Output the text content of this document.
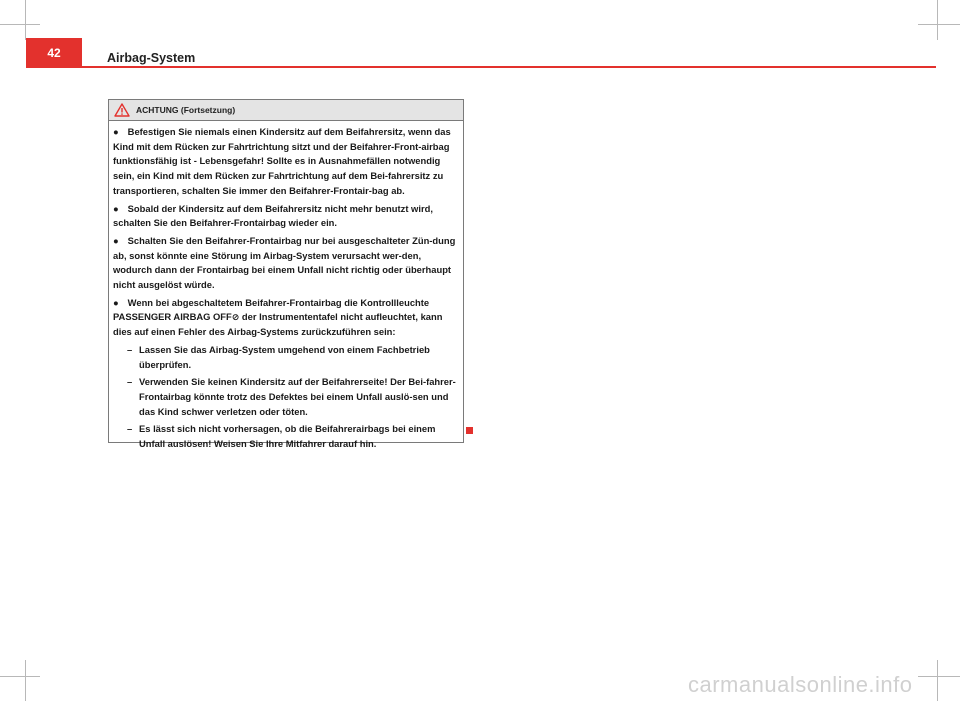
42	Airbag-System
ACHTUNG (Fortsetzung)

● Befestigen Sie niemals einen Kindersitz auf dem Beifahrersitz, wenn das Kind mit dem Rücken zur Fahrtrichtung sitzt und der Beifahrer-Front-airbag funktionsfähig ist - Lebensgefahr! Sollte es in Ausnahmefällen notwendig sein, ein Kind mit dem Rücken zur Fahrtrichtung auf dem Bei-fahrersitz zu transportieren, schalten Sie immer den Beifahrer-Frontair-bag ab.

● Sobald der Kindersitz auf dem Beifahrersitz nicht mehr benutzt wird, schalten Sie den Beifahrer-Frontairbag wieder ein.

● Schalten Sie den Beifahrer-Frontairbag nur bei ausgeschalteter Zün-dung ab, sonst könnte eine Störung im Airbag-System verursacht wer-den, wodurch dann der Frontairbag bei einem Unfall nicht richtig oder überhaupt nicht ausgelöst würde.

● Wenn bei abgeschaltetem Beifahrer-Frontairbag die Kontrollleuchte PASSENGER AIRBAG OFF⊘ der Instrumententafel nicht aufleuchtet, kann dies auf einen Fehler des Airbag-Systems zurückzuführen sein:

– Lassen Sie das Airbag-System umgehend von einem Fachbetrieb überprüfen.

– Verwenden Sie keinen Kindersitz auf der Beifahrerseite! Der Bei-fahrer-Frontairbag könnte trotz des Defektes bei einem Unfall auslö-sen und das Kind schwer verletzen oder töten.

– Es lässt sich nicht vorhersagen, ob die Beifahrerairbags bei einem Unfall auslösen! Weisen Sie Ihre Mitfahrer darauf hin.

carmanualsonline.info
